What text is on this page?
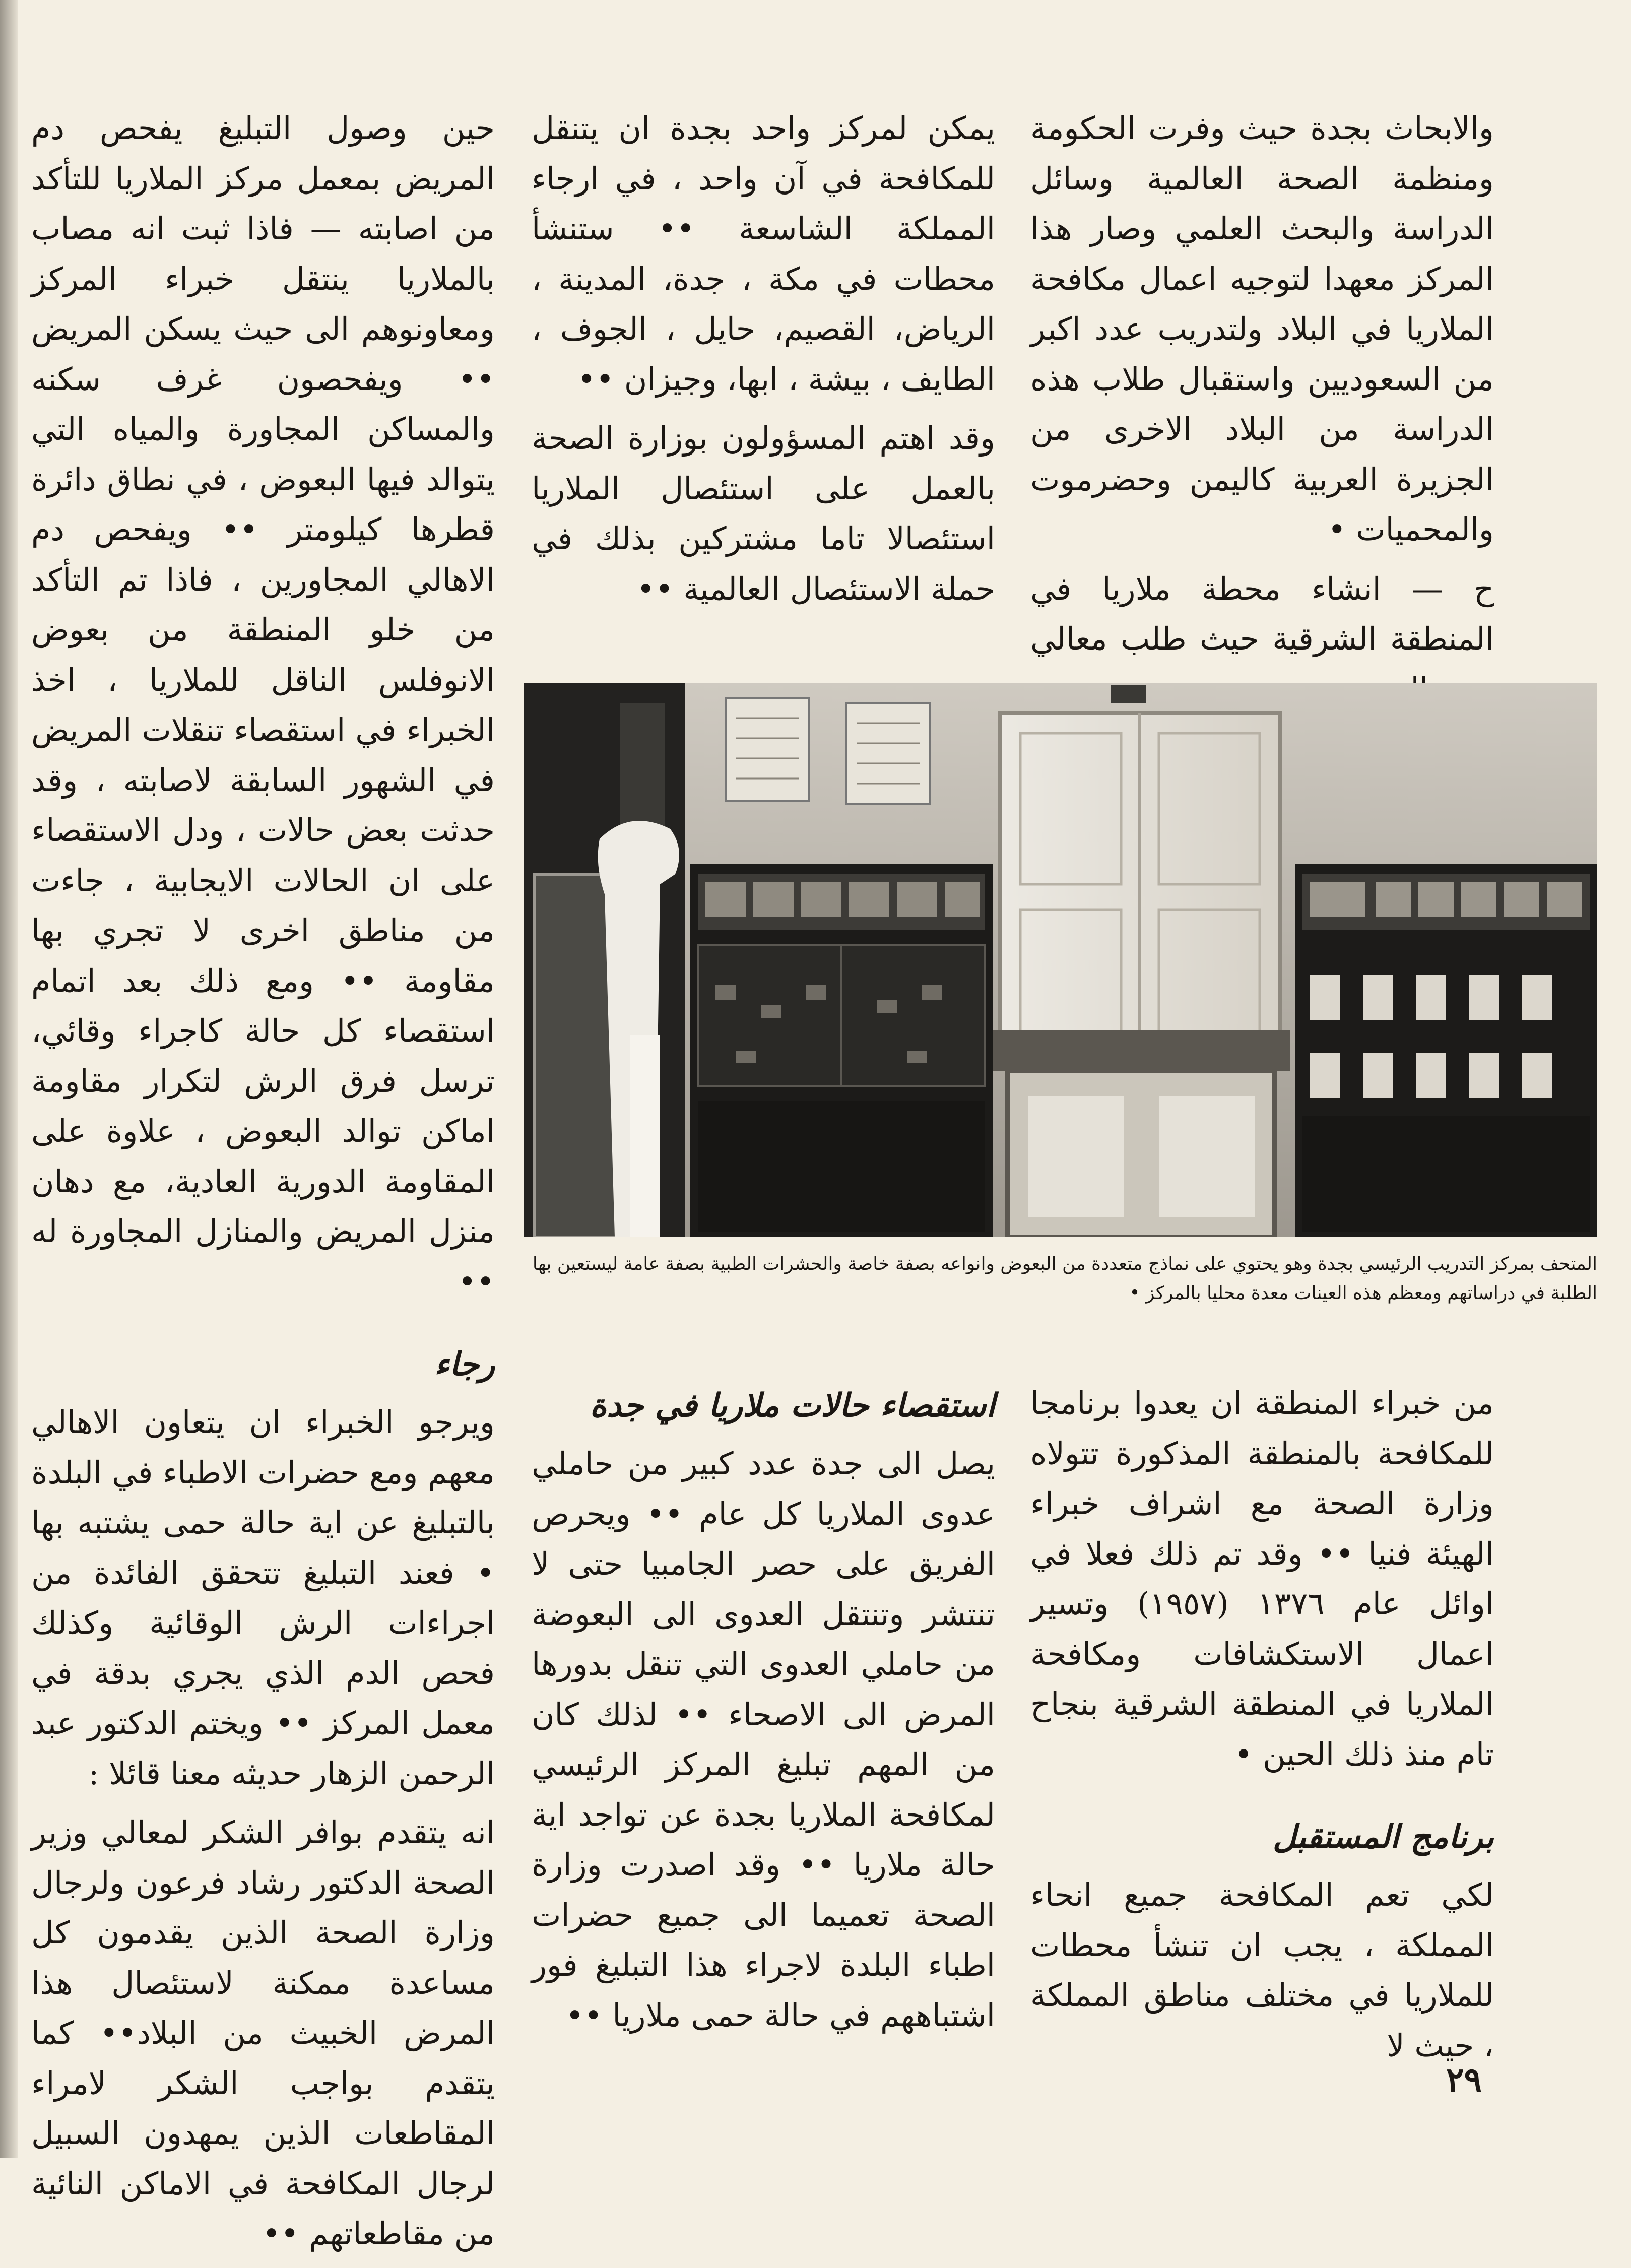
والابحاث بجدة حيث وفرت الحكومة ومنظمة الصحة العالمية وسائل الدراسة والبحث العلمي وصار هذا المركز معهدا لتوجيه اعمال مكافحة الملاريا في البلاد ولتدريب عدد اكبر من السعوديين واستقبال طلاب هذه الدراسة من البلاد الاخرى من الجزيرة العربية كاليمن وحضرموت والمحميات •

ح — انشاء محطة ملاريا في المنطقة الشرقية حيث طلب معالي

يمكن لمركز واحد بجدة ان يتنقل للمكافحة في آن واحد ، في ارجاء المملكة الشاسعة •• ستنشأ محطات في مكة ، جدة، المدينة ، الرياض، القصيم، حايل ، الجوف ، الطايف ، بيشة ، ابها، وجيزان ••

وقد اهتم المسؤولون بوزارة الصحة بالعمل على استئصال الملاريا استئصالا تاما مشتركين بذلك في حملة الاستئصال العالمية ••

حين وصول التبليغ يفحص دم المريض بمعمل مركز الملاريا للتأكد من اصابته — فاذا ثبت انه مصاب بالملاريا ينتقل خبراء المركز ومعاونوهم الى حيث يسكن المريض •• ويفحصون غرف سكنه والمساكن المجاورة والمياه التي يتوالد فيها البعوض ، في نطاق دائرة قطرها كيلومتر •• ويفحص دم الاهالي المجاورين ، فاذا تم التأكد من خلو المنطقة من بعوض الانوفلس الناقل للملاريا ، اخذ الخبراء في استقصاء تنقلات المريض في الشهور السابقة لاصابته ، وقد حدثت بعض حالات ، ودل الاستقصاء على ان الحالات الايجابية ، جاءت من مناطق اخرى لا تجري بها مقاومة •• ومع ذلك بعد اتمام استقصاء كل حالة كاجراء وقائي، ترسل فرق الرش لتكرار مقاومة اماكن توالد البعوض ، علاوة على المقاومة الدورية العادية، مع دهان منزل المريض والمنازل المجاورة له ••

رجاء

ويرجو الخبراء ان يتعاون الاهالي معهم ومع حضرات الاطباء في البلدة بالتبليغ عن اية حالة حمى يشتبه بها • فعند التبليغ تتحقق الفائدة من اجراءات الرش الوقائية وكذلك فحص الدم الذي يجري بدقة في معمل المركز •• ويختم الدكتور عبد الرحمن الزهار حديثه معنا قائلا :

انه يتقدم بوافر الشكر لمعالي وزير الصحة الدكتور رشاد فرعون ولرجال وزارة الصحة الذين يقدمون كل مساعدة ممكنة لاستئصال هذا المرض الخبيث من البلاد•• كما يتقدم بواجب الشكر لامراء المقاطعات الذين يمهدون السبيل لرجال المكافحة في الاماكن النائية من مقاطعاتهم ••

المتحف بمركز التدريب الرئيسي بجدة وهو يحتوي على نماذج متعددة من البعوض وانواعه بصفة خاصة والحشرات الطبية بصفة عامة ليستعين بها الطلبة في دراساتهم ومعظم هذه العينات معدة محليا بالمركز •

من خبراء المنطقة ان يعدوا برنامجا للمكافحة بالمنطقة المذكورة تتولاه وزارة الصحة مع اشراف خبراء الهيئة فنيا •• وقد تم ذلك فعلا في اوائل عام ١٣٧٦ (١٩٥٧) وتسير اعمال الاستكشافات ومكافحة الملاريا في المنطقة الشرقية بنجاح تام منذ ذلك الحين •

برنامج المستقبل

لكي تعم المكافحة جميع انحاء المملكة ، يجب ان تنشأ محطات للملاريا في مختلف مناطق المملكة ، حيث لا

استقصاء حالات ملاريا في جدة

يصل الى جدة عدد كبير من حاملي عدوى الملاريا كل عام •• ويحرص الفريق على حصر الجامبيا حتى لا تنتشر وتنتقل العدوى الى البعوضة من حاملي العدوى التي تنقل بدورها المرض الى الاصحاء •• لذلك كان من المهم تبليغ المركز الرئيسي لمكافحة الملاريا بجدة عن تواجد اية حالة ملاريا •• وقد اصدرت وزارة الصحة تعميما الى جميع حضرات اطباء البلدة لاجراء هذا التبليغ فور اشتباههم في حالة حمى ملاريا ••

٢٩
